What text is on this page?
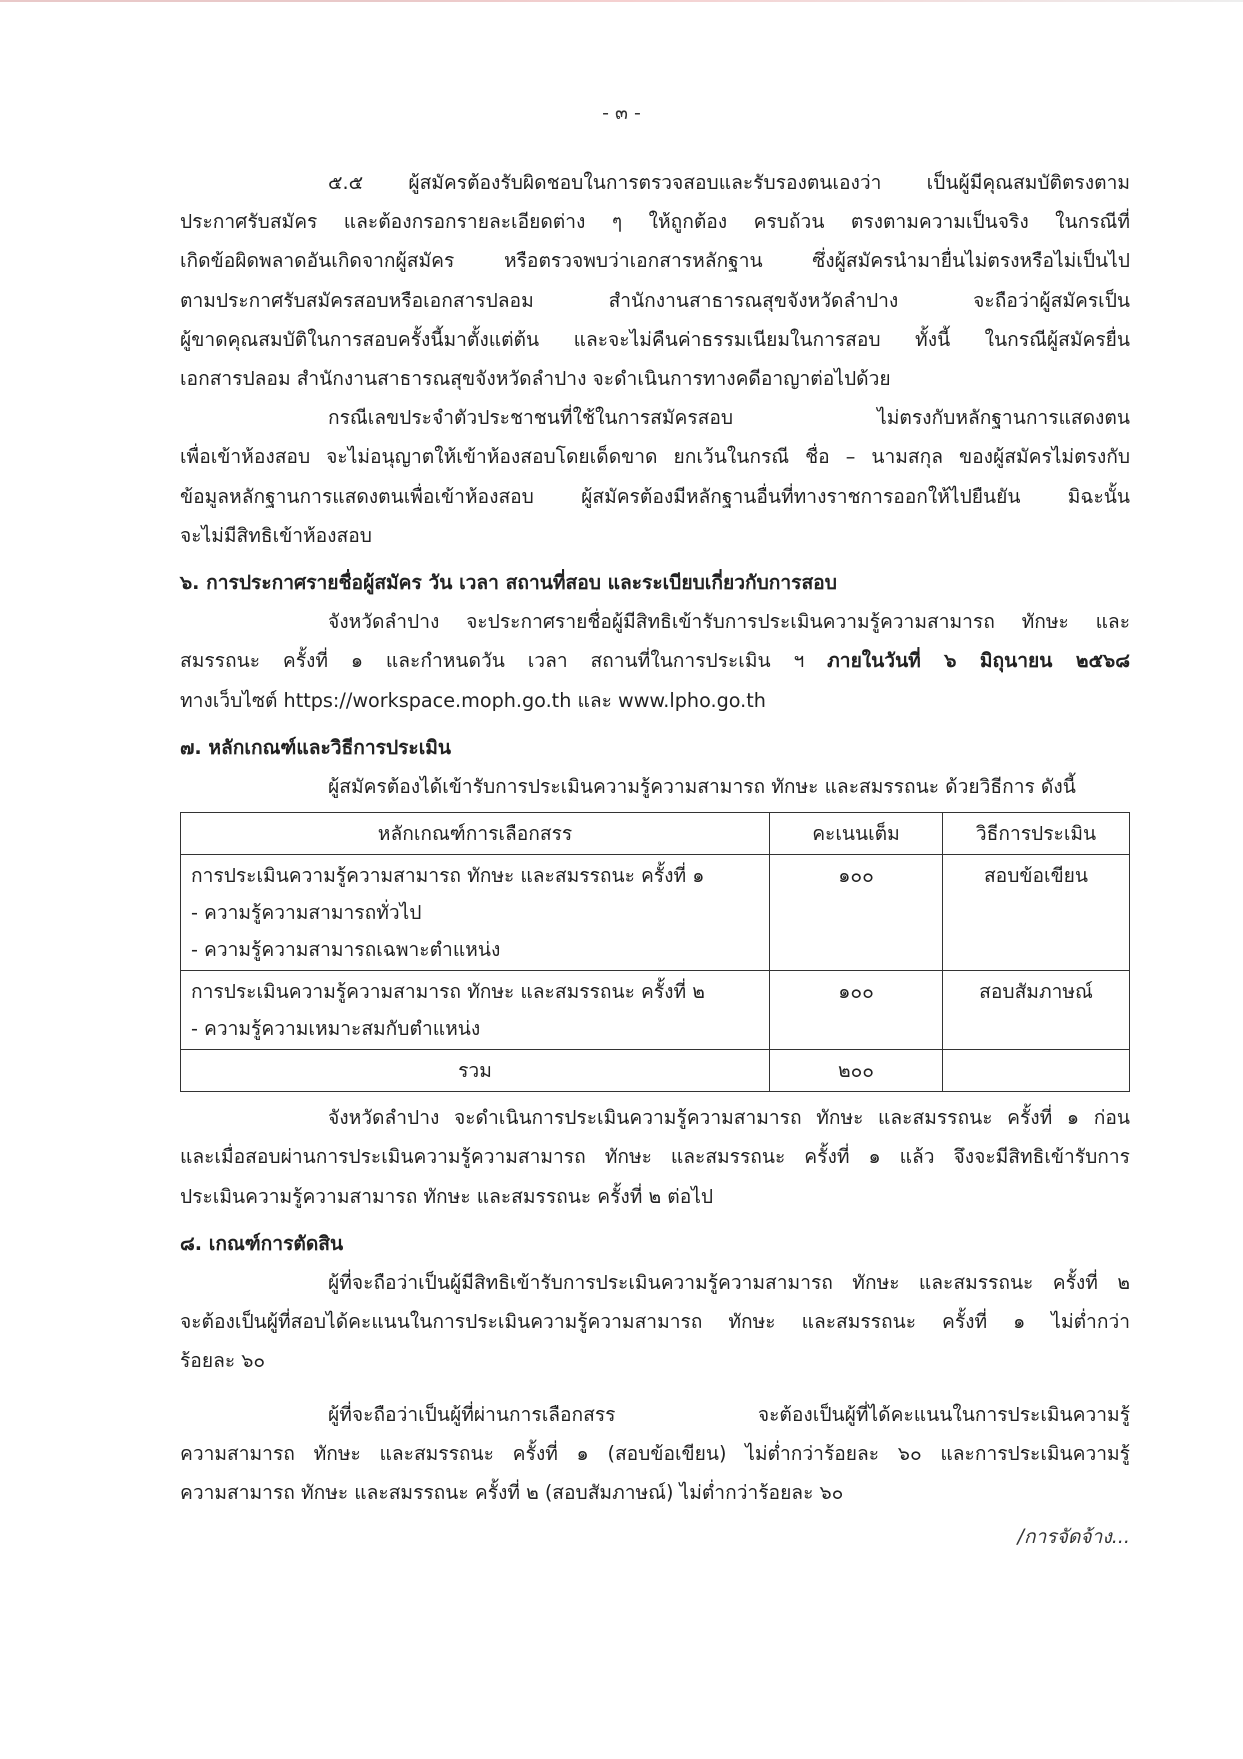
- ๓ -

๕.๕ ผู้สมัครต้องรับผิดชอบในการตรวจสอบและรับรองตนเองว่า เป็นผู้มีคุณสมบัติตรงตาม

ประกาศรับสมัคร และต้องกรอกรายละเอียดต่าง ๆ ให้ถูกต้อง ครบถ้วน ตรงตามความเป็นจริง ในกรณีที่

เกิดข้อผิดพลาดอันเกิดจากผู้สมัคร หรือตรวจพบว่าเอกสารหลักฐาน ซึ่งผู้สมัครนำมายื่นไม่ตรงหรือไม่เป็นไป

ตามประกาศรับสมัครสอบหรือเอกสารปลอม สำนักงานสาธารณสุขจังหวัดลำปาง จะถือว่าผู้สมัครเป็น

ผู้ขาดคุณสมบัติในการสอบครั้งนี้มาตั้งแต่ต้น และจะไม่คืนค่าธรรมเนียมในการสอบ ทั้งนี้ ในกรณีผู้สมัครยื่น

เอกสารปลอม สำนักงานสาธารณสุขจังหวัดลำปาง จะดำเนินการทางคดีอาญาต่อไปด้วย

กรณีเลขประจำตัวประชาชนที่ใช้ในการสมัครสอบ ไม่ตรงกับหลักฐานการแสดงตน

เพื่อเข้าห้องสอบ จะไม่อนุญาตให้เข้าห้องสอบโดยเด็ดขาด ยกเว้นในกรณี ชื่อ – นามสกุล ของผู้สมัครไม่ตรงกับ

ข้อมูลหลักฐานการแสดงตนเพื่อเข้าห้องสอบ ผู้สมัครต้องมีหลักฐานอื่นที่ทางราชการออกให้ไปยืนยัน มิฉะนั้น

จะไม่มีสิทธิเข้าห้องสอบ

๖. การประกาศรายชื่อผู้สมัคร วัน เวลา สถานที่สอบ และระเบียบเกี่ยวกับการสอบ

จังหวัดลำปาง จะประกาศรายชื่อผู้มีสิทธิเข้ารับการประเมินความรู้ความสามารถ ทักษะ และ

สมรรถนะ ครั้งที่ ๑ และกำหนดวัน เวลา สถานที่ในการประเมิน ฯ ภายในวันที่ ๖ มิถุนายน ๒๕๖๘

ทางเว็บไซต์ https://workspace.moph.go.th และ www.lpho.go.th

๗. หลักเกณฑ์และวิธีการประเมิน

ผู้สมัครต้องได้เข้ารับการประเมินความรู้ความสามารถ ทักษะ และสมรรถนะ ด้วยวิธีการ ดังนี้

หลักเกณฑ์การเลือกสรร	คะเนนเต็ม	วิธีการประเมิน

การประเมินความรู้ความสามารถ ทักษะ และสมรรถนะ ครั้งที่ ๑
- ความรู้ความสามารถทั่วไป
- ความรู้ความสามารถเฉพาะตำแหน่ง	๑๐๐	สอบข้อเขียน

การประเมินความรู้ความสามารถ ทักษะ และสมรรถนะ ครั้งที่ ๒
- ความรู้ความเหมาะสมกับตำแหน่ง	๑๐๐	สอบสัมภาษณ์
รวม	๒๐๐	

จังหวัดลำปาง จะดำเนินการประเมินความรู้ความสามารถ ทักษะ และสมรรถนะ ครั้งที่ ๑ ก่อน

และเมื่อสอบผ่านการประเมินความรู้ความสามารถ ทักษะ และสมรรถนะ ครั้งที่ ๑ แล้ว จึงจะมีสิทธิเข้ารับการ

ประเมินความรู้ความสามารถ ทักษะ และสมรรถนะ ครั้งที่ ๒ ต่อไป

๘. เกณฑ์การตัดสิน

ผู้ที่จะถือว่าเป็นผู้มีสิทธิเข้ารับการประเมินความรู้ความสามารถ ทักษะ และสมรรถนะ ครั้งที่ ๒

จะต้องเป็นผู้ที่สอบได้คะแนนในการประเมินความรู้ความสามารถ ทักษะ และสมรรถนะ ครั้งที่ ๑ ไม่ต่ำกว่า

ร้อยละ ๖๐

ผู้ที่จะถือว่าเป็นผู้ที่ผ่านการเลือกสรร จะต้องเป็นผู้ที่ได้คะแนนในการประเมินความรู้

ความสามารถ ทักษะ และสมรรถนะ ครั้งที่ ๑ (สอบข้อเขียน) ไม่ต่ำกว่าร้อยละ ๖๐ และการประเมินความรู้

ความสามารถ ทักษะ และสมรรถนะ ครั้งที่ ๒ (สอบสัมภาษณ์) ไม่ต่ำกว่าร้อยละ ๖๐

/การจัดจ้าง...
